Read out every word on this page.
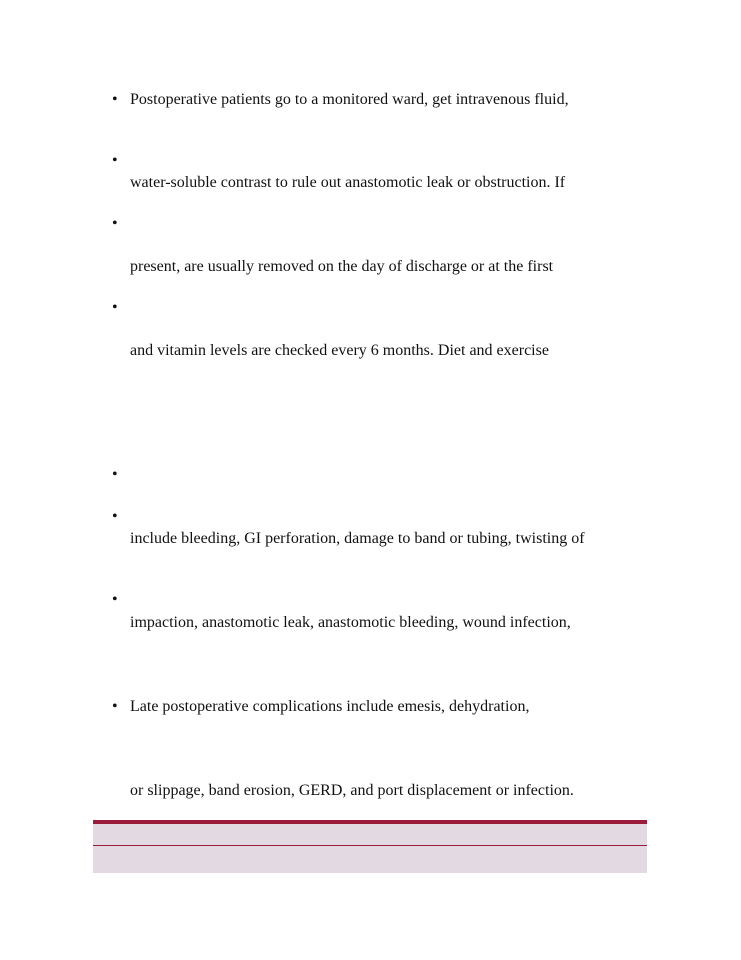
•
Postoperative patients go to a monitored ward, get intravenous fluid,
•
water-soluble contrast to rule out anastomotic leak or obstruction. If
•
present, are usually removed on the day of discharge or at the first
•
and vitamin levels are checked every 6 months. Diet and exercise
•
•
include bleeding, GI perforation, damage to band or tubing, twisting of
•
impaction, anastomotic leak, anastomotic bleeding, wound infection,
•
Late postoperative complications include emesis, dehydration,
or slippage, band erosion, GERD, and port displacement or infection.
